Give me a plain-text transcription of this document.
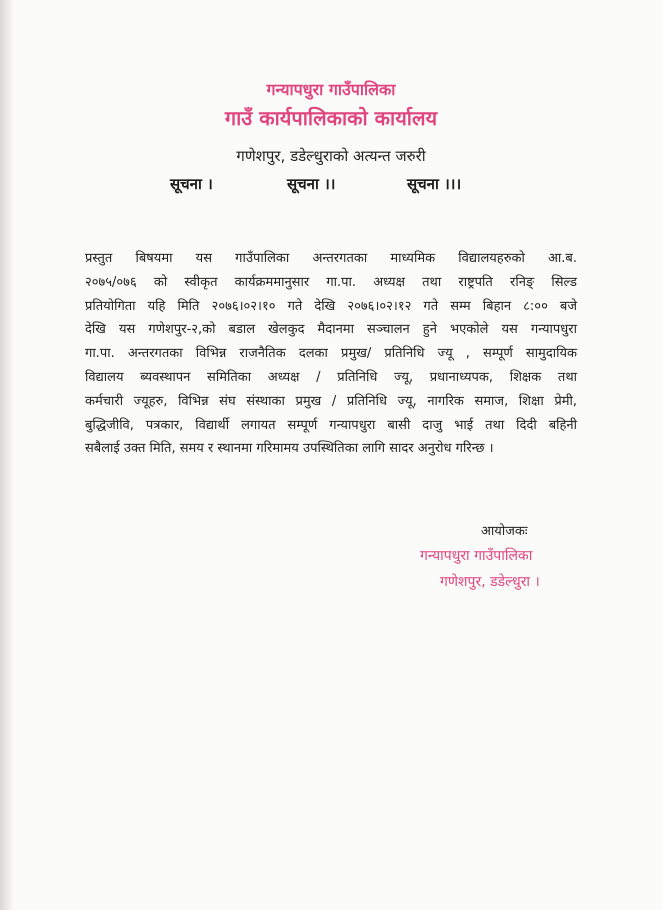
गन्यापधुरा गाउँपालिका
गाउँ कार्यपालिकाको कार्यालय
गणेशपुर, डडेल्धुराको अत्यन्त जरुरी
सूचना ।	सूचना ।।	सूचना ।।।
प्रस्तुत बिषयमा यस गाउँपालिका अन्तरगतका माध्यमिक विद्यालयहरुको आ.ब.
२०७५/०७६ को स्वीकृत कार्यक्रममानुसार गा.पा. अध्यक्ष तथा राष्ट्रपति रनिङ् सिल्ड
प्रतियोगिता यहि मिति २०७६।०२।१० गते देखि २०७६।०२।१२ गते सम्म बिहान ८:०० बजे
देखि यस गणेशपुर-२,को बडाल खेलकुद मैदानमा सञ्चालन हुने भएकोले यस गन्यापधुरा
गा.पा. अन्तरगतका विभिन्न राजनैतिक दलका प्रमुख/ प्रतिनिधि ज्यू , सम्पूर्ण सामुदायिक
विद्यालय ब्यवस्थापन समितिका अध्यक्ष / प्रतिनिधि ज्यू, प्रधानाध्यपक, शिक्षक तथा
कर्मचारी ज्यूहरु, विभिन्न संघ संस्थाका प्रमुख / प्रतिनिधि ज्यू, नागरिक समाज, शिक्षा प्रेमी,
बुद्धिजीवि, पत्रकार, विद्यार्थी लगायत सम्पूर्ण गन्यापधुरा बासी दाजु भाई तथा दिदी बहिनी
सबैलाई उक्त मिति, समय र स्थानमा गरिमामय उपस्थितिका लागि सादर अनुरोध गरिन्छ ।
आयोजकः
गन्यापधुरा गाउँपालिका
गणेशपुर, डडेल्धुरा ।
